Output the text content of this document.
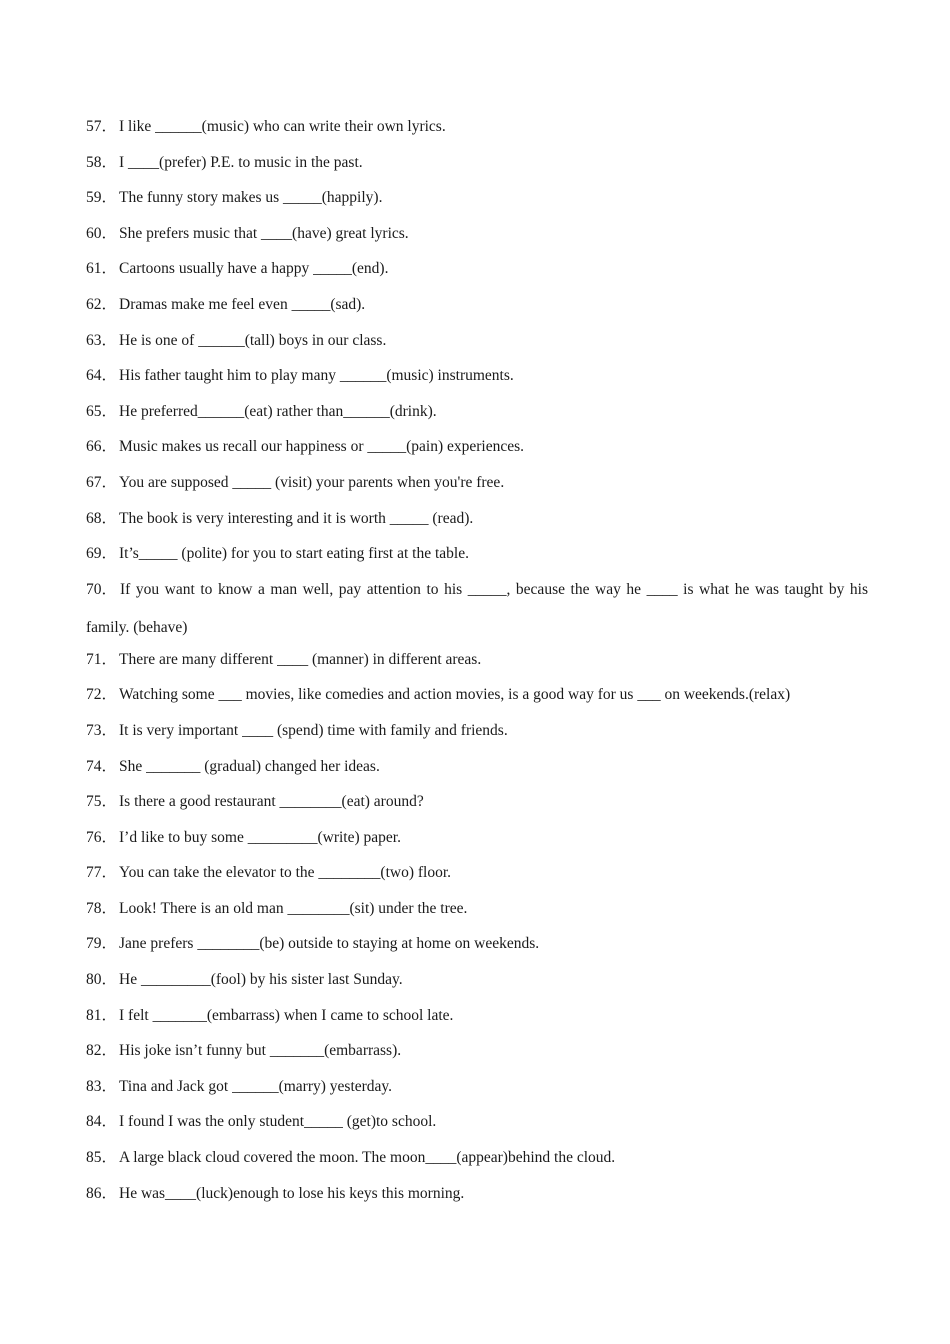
57． I like ______(music) who can write their own lyrics.
58． I ____(prefer) P.E. to music in the past.
59． The funny story makes us _____(happily).
60． She prefers music that ____(have) great lyrics.
61． Cartoons usually have a happy _____(end).
62． Dramas make me feel even _____(sad).
63． He is one of ______(tall) boys in our class.
64． His father taught him to play many ______(music) instruments.
65． He preferred______(eat) rather than______(drink).
66． Music makes us recall our happiness or _____(pain) experiences.
67． You are supposed _____ (visit) your parents when you're free.
68． The book is very interesting and it is worth _____ (read).
69． It’s_____ (polite) for you to start eating first at the table.
70． If you want to know a man well, pay attention to his _____, because the way he ____ is what he was taught by his family. (behave)
71． There are many different ____ (manner) in different areas.
72． Watching some ___ movies, like comedies and action movies, is a good way for us ___ on weekends.(relax)
73． It is very important ____ (spend) time with family and friends.
74． She _______ (gradual) changed her ideas.
75． Is there a good restaurant ________(eat) around?
76． I’d like to buy some _________(write) paper.
77． You can take the elevator to the ________(two) floor.
78． Look! There is an old man ________(sit) under the tree.
79． Jane prefers ________(be) outside to staying at home on weekends.
80． He _________(fool) by his sister last Sunday.
81． I felt _______(embarrass) when I came to school late.
82． His joke isn’t funny but _______(embarrass).
83． Tina and Jack got ______(marry) yesterday.
84． I found I was the only student_____ (get)to school.
85． A large black cloud covered the moon. The moon____(appear)behind the cloud.
86． He was____(luck)enough to lose his keys this morning.
